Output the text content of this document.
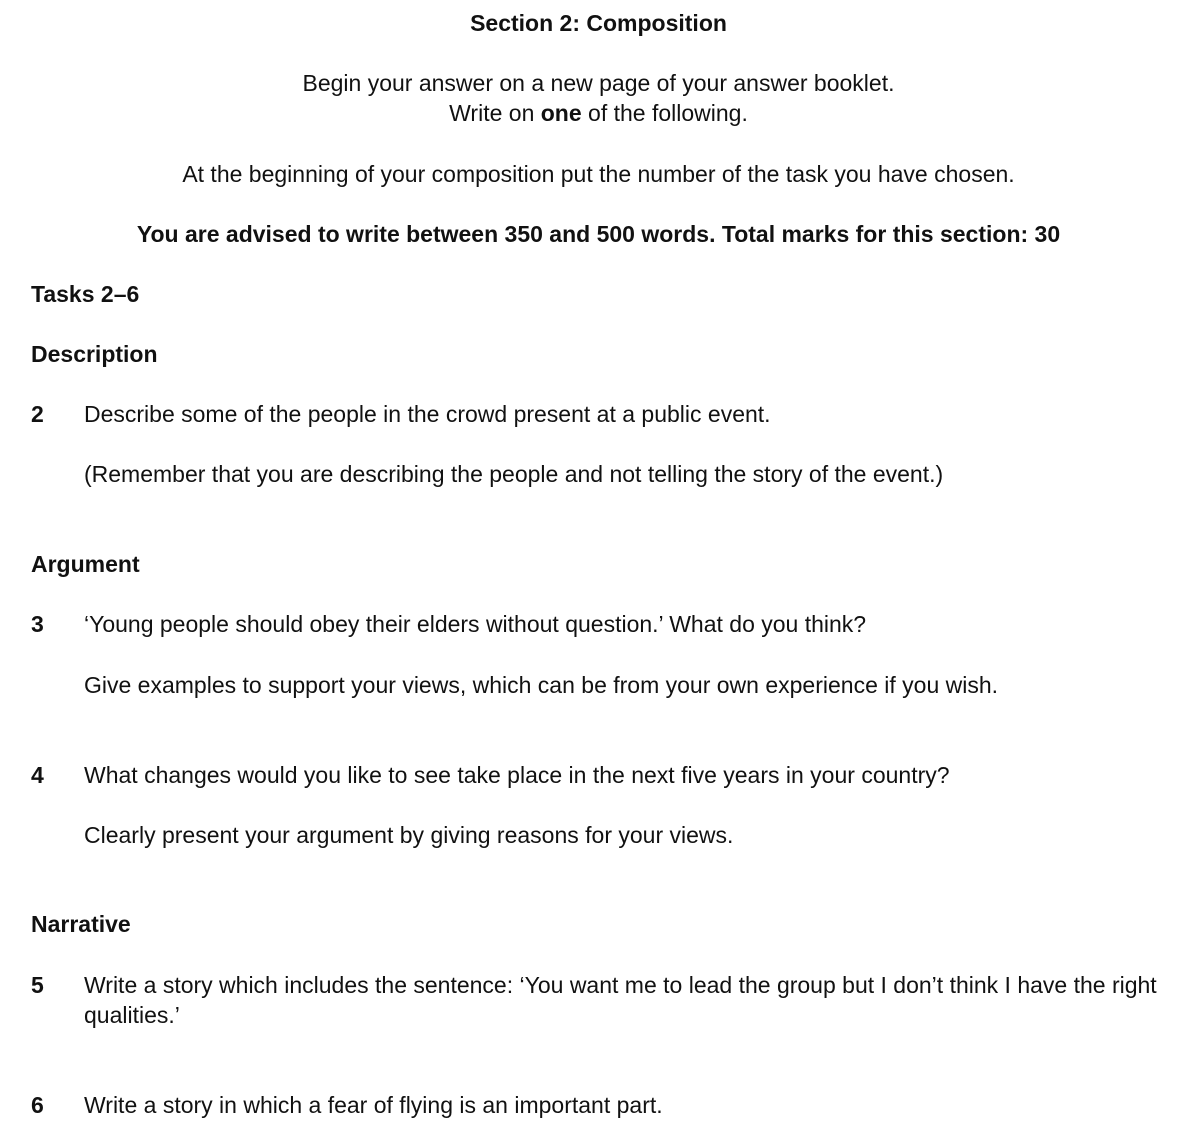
Section 2: Composition
Begin your answer on a new page of your answer booklet.
Write on one of the following.
At the beginning of your composition put the number of the task you have chosen.
You are advised to write between 350 and 500 words. Total marks for this section: 30
Tasks 2–6
Description
2 Describe some of the people in the crowd present at a public event.
(Remember that you are describing the people and not telling the story of the event.)
Argument
3 ‘Young people should obey their elders without question.’ What do you think?
Give examples to support your views, which can be from your own experience if you wish.
4 What changes would you like to see take place in the next five years in your country?
Clearly present your argument by giving reasons for your views.
Narrative
5 Write a story which includes the sentence: ‘You want me to lead the group but I don’t think I have the right qualities.’
6 Write a story in which a fear of flying is an important part.
